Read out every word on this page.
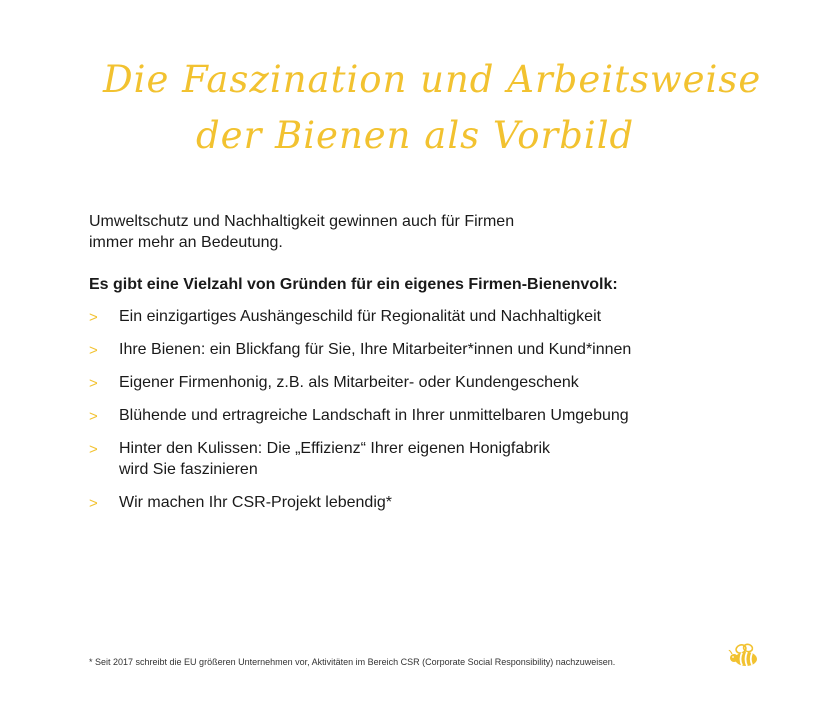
Die Faszination und Arbeitsweise
der Bienen als Vorbild

Umweltschutz und Nachhaltigkeit gewinnen auch für Firmen
immer mehr an Bedeutung.

Es gibt eine Vielzahl von Gründen für ein eigenes Firmen-Bienenvolk:

> Ein einzigartiges Aushängeschild für Regionalität und Nachhaltigkeit
> Ihre Bienen: ein Blickfang für Sie, Ihre Mitarbeiter*innen und Kund*innen
> Eigener Firmenhonig, z.B. als Mitarbeiter- oder Kundengeschenk
> Blühende und ertragreiche Landschaft in Ihrer unmittelbaren Umgebung
> Hinter den Kulissen: Die „Effizienz“ Ihrer eigenen Honigfabrik
wird Sie faszinieren
> Wir machen Ihr CSR-Projekt lebendig*

* Seit 2017 schreibt die EU größeren Unternehmen vor, Aktivitäten im Bereich CSR (Corporate Social Responsibility) nachzuweisen.
